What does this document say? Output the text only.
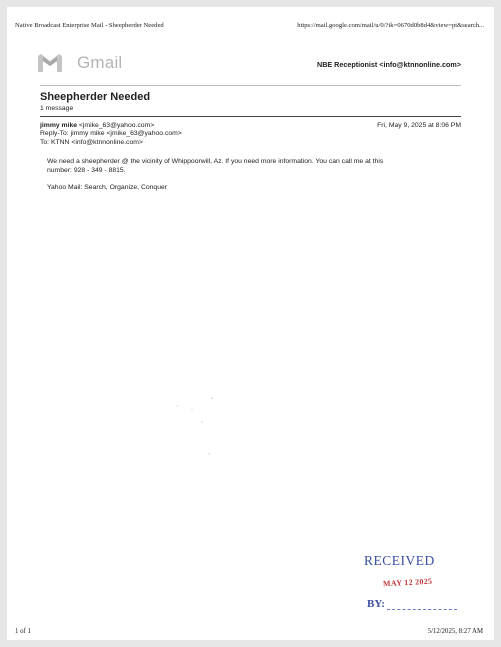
Native Broadcast Enterprise Mail - Sheepherder Needed	https://mail.google.com/mail/u/0/?ik=0670d0b8d4&view=pt&search...
Gmail	NBE Receptionist <info@ktnnonline.com>
Sheepherder Needed
1 message
jimmy mike <jmike_63@yahoo.com>
Reply-To: jimmy mike <jmike_63@yahoo.com>
To: KTNN <info@ktnnonline.com>
Fri, May 9, 2025 at 8:06 PM

We need a sheepherder @ the vicinity of Whippoorwill, Az. If you need more information. You can call me at this
number: 928 - 349 - 8815.

Yahoo Mail: Search, Organize, Conquer

RECEIVED
MAY 12 2025
BY:
1 of 1	5/12/2025, 8:27 AM
